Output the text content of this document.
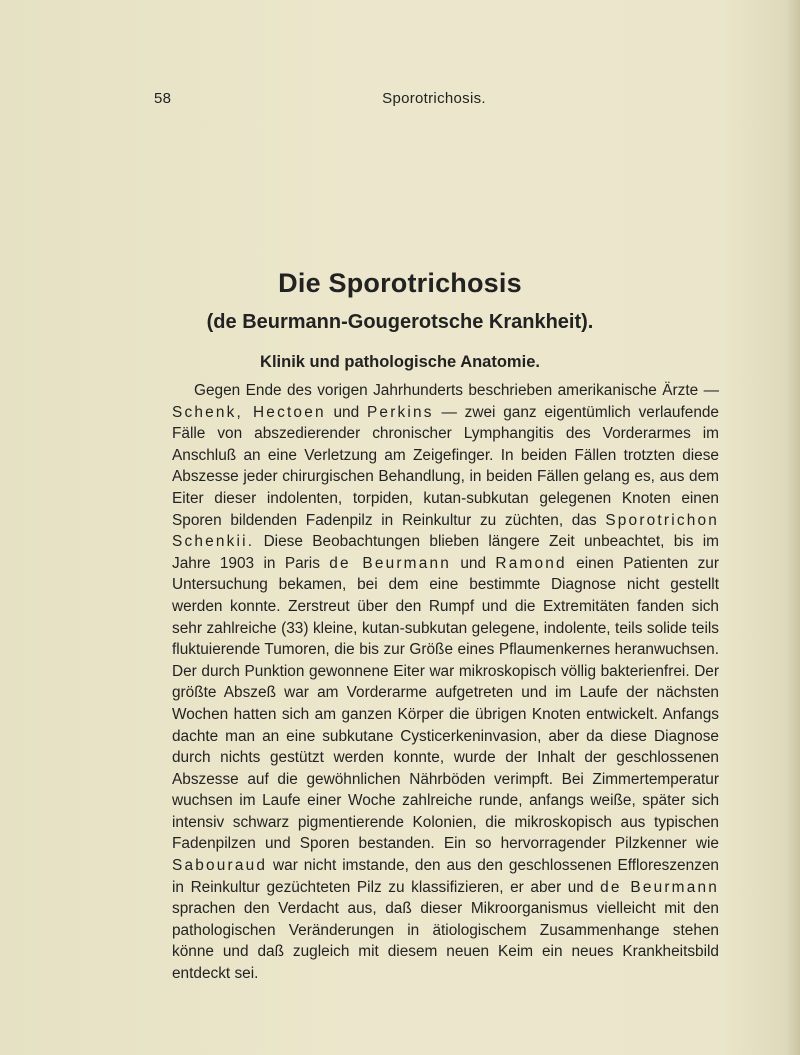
58	Sporotrichosis.
Die Sporotrichosis
(de Beurmann-Gougerotsche Krankheit).
Klinik und pathologische Anatomie.

Gegen Ende des vorigen Jahrhunderts beschrieben amerikanische Ärzte — Schenk, Hectoen und Perkins — zwei ganz eigentümlich verlaufende Fälle von abszedierender chronischer Lymphangitis des Vorderarmes im Anschluß an eine Verletzung am Zeigefinger. In beiden Fällen trotzten diese Abszesse jeder chirurgischen Behandlung, in beiden Fällen gelang es, aus dem Eiter dieser indolenten, torpiden, kutan-subkutan gelegenen Knoten einen Sporen bildenden Fadenpilz in Reinkultur zu züchten, das Sporotrichon Schenkii. Diese Beobachtungen blieben längere Zeit unbeachtet, bis im Jahre 1903 in Paris de Beurmann und Ramond einen Patienten zur Untersuchung bekamen, bei dem eine bestimmte Diagnose nicht gestellt werden konnte. Zerstreut über den Rumpf und die Extremitäten fanden sich sehr zahlreiche (33) kleine, kutan-subkutan gelegene, indolente, teils solide teils fluktuierende Tumoren, die bis zur Größe eines Pflaumenkernes heranwuchsen. Der durch Punktion gewonnene Eiter war mikroskopisch völlig bakterienfrei. Der größte Abszeß war am Vorderarme aufgetreten und im Laufe der nächsten Wochen hatten sich am ganzen Körper die übrigen Knoten entwickelt. Anfangs dachte man an eine subkutane Cysticerkeninvasion, aber da diese Diagnose durch nichts gestützt werden konnte, wurde der Inhalt der geschlossenen Abszesse auf die gewöhnlichen Nährböden verimpft. Bei Zimmertemperatur wuchsen im Laufe einer Woche zahlreiche runde, anfangs weiße, später sich intensiv schwarz pigmentierende Kolonien, die mikroskopisch aus typischen Fadenpilzen und Sporen bestanden. Ein so hervorragender Pilzkenner wie Sabouraud war nicht imstande, den aus den geschlossenen Effloreszenzen in Reinkultur gezüchteten Pilz zu klassifizieren, er aber und de Beurmann sprachen den Verdacht aus, daß dieser Mikroorganismus vielleicht mit den pathologischen Veränderungen in ätiologischem Zusammenhange stehen könne und daß zugleich mit diesem neuen Keim ein neues Krankheitsbild entdeckt sei.
